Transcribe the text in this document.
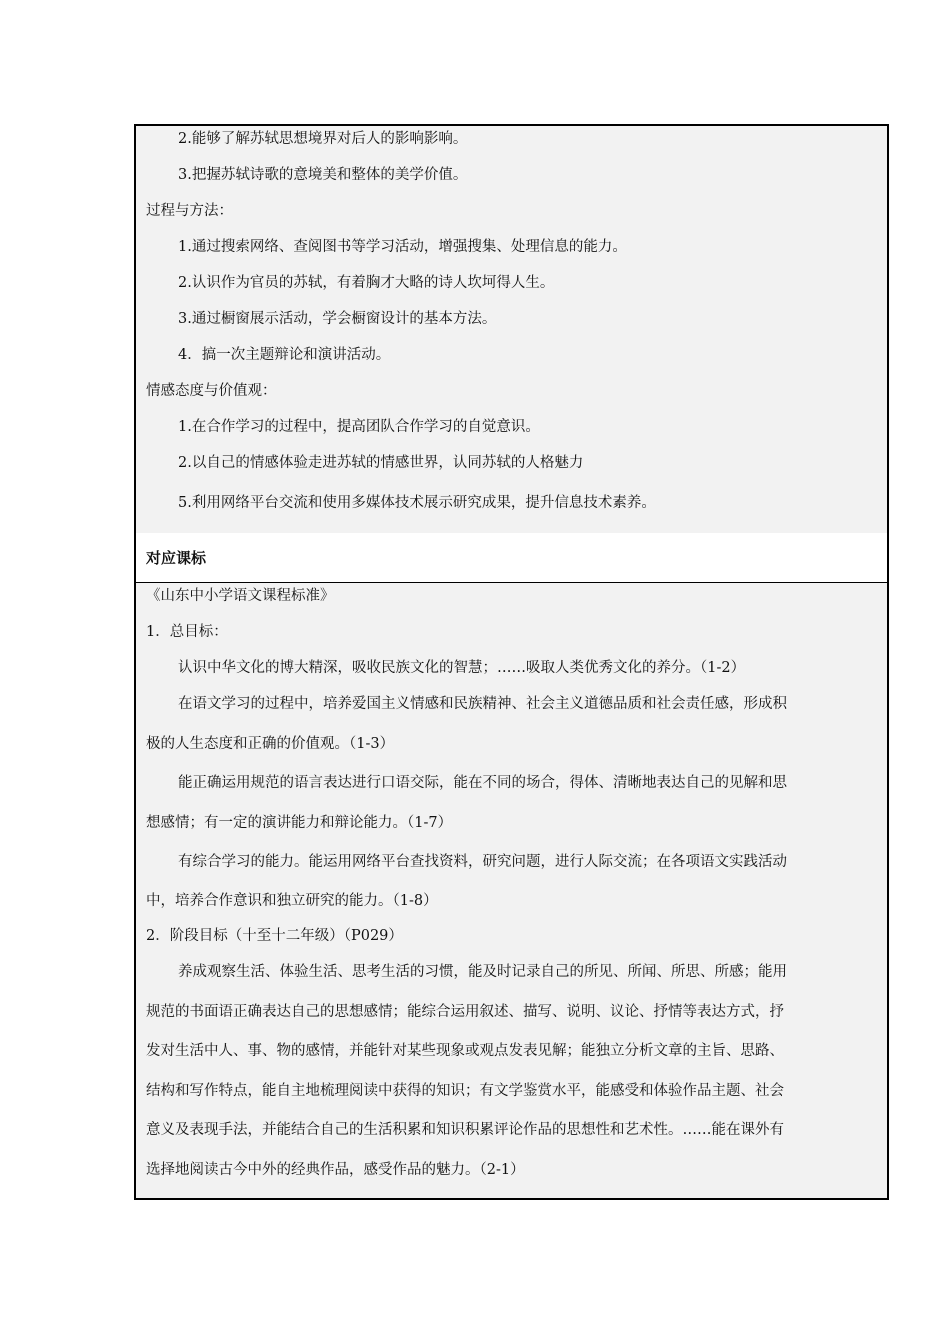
2.能够了解苏轼思想境界对后人的影响影响。
3.把握苏轼诗歌的意境美和整体的美学价值。
过程与方法：
1.通过搜索网络、查阅图书等学习活动，增强搜集、处理信息的能力。
2.认识作为官员的苏轼，有着胸才大略的诗人坎坷得人生。
3.通过橱窗展示活动，学会橱窗设计的基本方法。
4．搞一次主题辩论和演讲活动。
情感态度与价值观：
1.在合作学习的过程中，提高团队合作学习的自觉意识。
2.以自己的情感体验走进苏轼的情感世界，认同苏轼的人格魅力
5.利用网络平台交流和使用多媒体技术展示研究成果，提升信息技术素养。
对应课标
《山东中小学语文课程标准》
1．总目标：
认识中华文化的博大精深，吸收民族文化的智慧；……吸取人类优秀文化的养分。（1-2）
在语文学习的过程中，培养爱国主义情感和民族精神、社会主义道德品质和社会责任感，形成积
极的人生态度和正确的价值观。（1-3）
能正确运用规范的语言表达进行口语交际，能在不同的场合，得体、清晰地表达自己的见解和思
想感情；有一定的演讲能力和辩论能力。（1-7）
有综合学习的能力。能运用网络平台查找资料，研究问题，进行人际交流；在各项语文实践活动
中，培养合作意识和独立研究的能力。（1-8）
2．阶段目标（十至十二年级）（P029）
养成观察生活、体验生活、思考生活的习惯，能及时记录自己的所见、所闻、所思、所感；能用
规范的书面语正确表达自己的思想感情；能综合运用叙述、描写、说明、议论、抒情等表达方式，抒
发对生活中人、事、物的感情，并能针对某些现象或观点发表见解；能独立分析文章的主旨、思路、
结构和写作特点，能自主地梳理阅读中获得的知识；有文学鉴赏水平，能感受和体验作品主题、社会
意义及表现手法，并能结合自己的生活积累和知识积累评论作品的思想性和艺术性。……能在课外有
选择地阅读古今中外的经典作品，感受作品的魅力。（2-1）
